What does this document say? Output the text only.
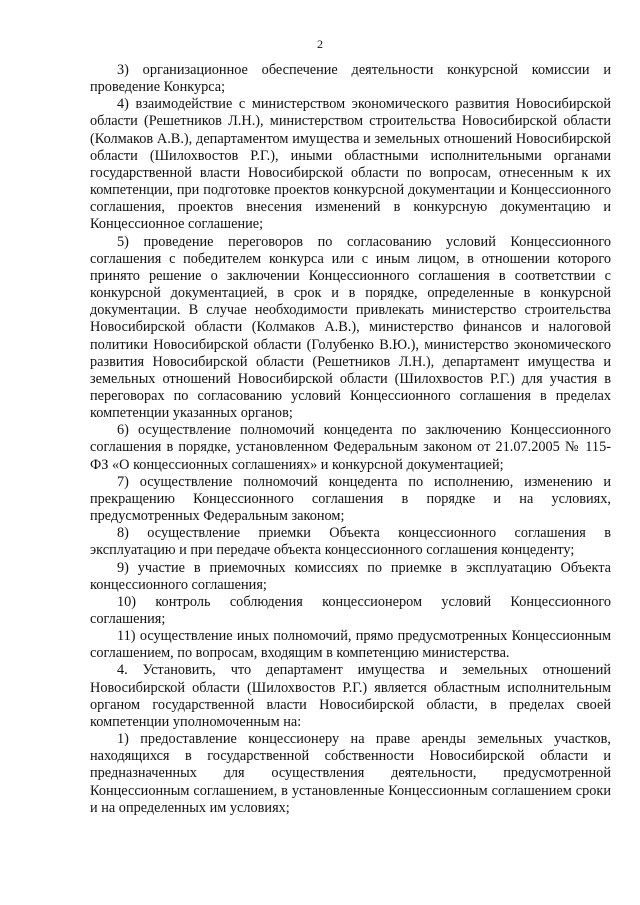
2

3) организационное обеспечение деятельности конкурсной комиссии и проведение Конкурса;

4) взаимодействие с министерством экономического развития Новосибирской области (Решетников Л.Н.), министерством строительства Новосибирской области (Колмаков А.В.), департаментом имущества и земельных отношений Новосибирской области (Шилохвостов Р.Г.), иными областными исполнительными органами государственной власти Новосибирской области по вопросам, отнесенным к их компетенции, при подготовке проектов конкурсной документации и Концессионного соглашения, проектов внесения изменений в конкурсную документацию и Концессионное соглашение;

5) проведение переговоров по согласованию условий Концессионного соглашения с победителем конкурса или с иным лицом, в отношении которого принято решение о заключении Концессионного соглашения в соответствии с конкурсной документацией, в срок и в порядке, определенные в конкурсной документации. В случае необходимости привлекать министерство строительства Новосибирской области (Колмаков А.В.), министерство финансов и налоговой политики Новосибирской области (Голубенко В.Ю.), министерство экономического развития Новосибирской области (Решетников Л.Н.), департамент имущества и земельных отношений Новосибирской области (Шилохвостов Р.Г.) для участия в переговорах по согласованию условий Концессионного соглашения в пределах компетенции указанных органов;

6) осуществление полномочий концедента по заключению Концессионного соглашения в порядке, установленном Федеральным законом от 21.07.2005 № 115-ФЗ «О концессионных соглашениях» и конкурсной документацией;

7) осуществление полномочий концедента по исполнению, изменению и прекращению Концессионного соглашения в порядке и на условиях, предусмотренных Федеральным законом;

8) осуществление приемки Объекта концессионного соглашения в эксплуатацию и при передаче объекта концессионного соглашения концеденту;

9) участие в приемочных комиссиях по приемке в эксплуатацию Объекта концессионного соглашения;

10) контроль соблюдения концессионером условий Концессионного соглашения;

11) осуществление иных полномочий, прямо предусмотренных Концессионным соглашением, по вопросам, входящим в компетенцию министерства.

4. Установить, что департамент имущества и земельных отношений Новосибирской области (Шилохвостов Р.Г.) является областным исполнительным органом государственной власти Новосибирской области, в пределах своей компетенции уполномоченным на:

1) предоставление концессионеру на праве аренды земельных участков, находящихся в государственной собственности Новосибирской области и предназначенных для осуществления деятельности, предусмотренной Концессионным соглашением, в установленные Концессионным соглашением сроки и на определенных им условиях;
